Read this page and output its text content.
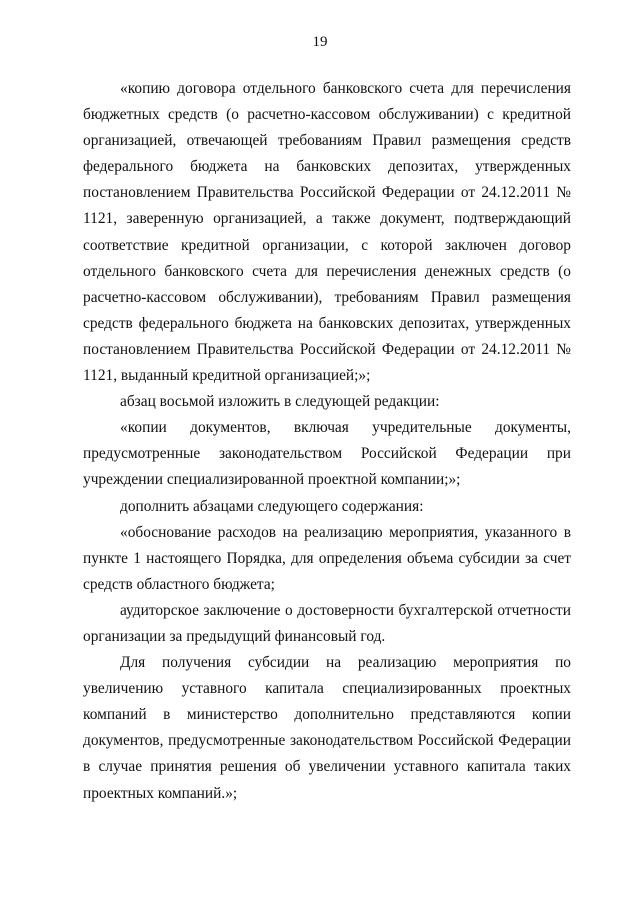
19

«копию договора отдельного банковского счета для перечисления бюджетных средств (о расчетно-кассовом обслуживании) с кредитной организацией, отвечающей требованиям Правил размещения средств федерального бюджета на банковских депозитах, утвержденных постановлением Правительства Российской Федерации от 24.12.2011 № 1121, заверенную организацией, а также документ, подтверждающий соответствие кредитной организации, с которой заключен договор отдельного банковского счета для перечисления денежных средств (о расчетно-кассовом обслуживании), требованиям Правил размещения средств федерального бюджета на банковских депозитах, утвержденных постановлением Правительства Российской Федерации от 24.12.2011 № 1121, выданный кредитной организацией;»;

абзац восьмой изложить в следующей редакции:

«копии документов, включая учредительные документы, предусмотренные законодательством Российской Федерации при учреждении специализированной проектной компании;»;

дополнить абзацами следующего содержания:

«обоснование расходов на реализацию мероприятия, указанного в пункте 1 настоящего Порядка, для определения объема субсидии за счет средств областного бюджета;

аудиторское заключение о достоверности бухгалтерской отчетности организации за предыдущий финансовый год.

Для получения субсидии на реализацию мероприятия по увеличению уставного капитала специализированных проектных компаний в министерство дополнительно представляются копии документов, предусмотренные законодательством Российской Федерации в случае принятия решения об увеличении уставного капитала таких проектных компаний.»;
